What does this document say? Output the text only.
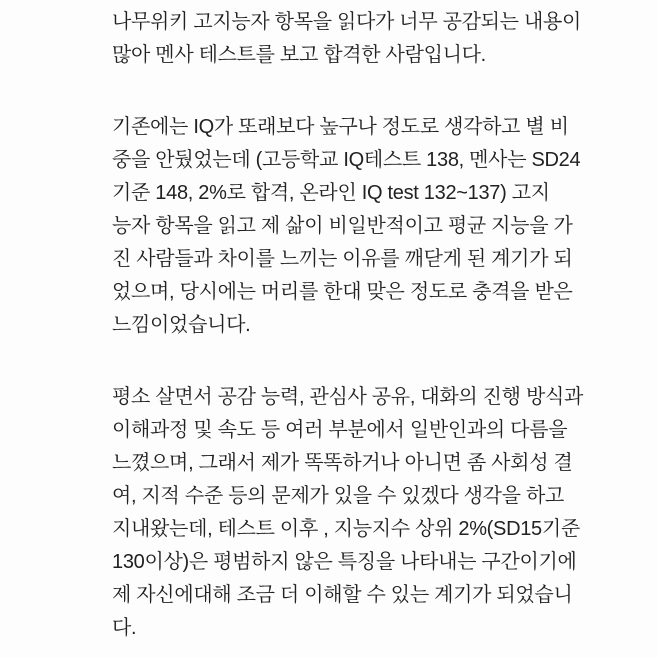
나무위키 고지능자 항목을 읽다가 너무 공감되는 내용이
많아 멘사 테스트를 보고 합격한 사람입니다.
기존에는 IQ가 또래보다 높구나 정도로 생각하고 별 비
중을 안뒀었는데 (고등학교 IQ테스트 138, 멘사는 SD24
기준 148, 2%로 합격, 온라인 IQ test 132~137) 고지
능자 항목을 읽고 제 삶이 비일반적이고 평균 지능을 가
진 사람들과 차이를 느끼는 이유를 깨닫게 된 계기가 되
었으며, 당시에는 머리를 한대 맞은 정도로 충격을 받은
느낌이었습니다.
평소 살면서 공감 능력, 관심사 공유, 대화의 진행 방식과
이해과정 및 속도 등 여러 부분에서 일반인과의 다름을
느꼈으며, 그래서 제가 똑똑하거나 아니면 좀 사회성 결
여, 지적 수준 등의 문제가 있을 수 있겠다 생각을 하고
지내왔는데, 테스트 이후 , 지능지수 상위 2%(SD15기준
130이상)은 평범하지 않은 특징을 나타내는 구간이기에
제 자신에대해 조금 더 이해할 수 있는 계기가 되었습니
다.
